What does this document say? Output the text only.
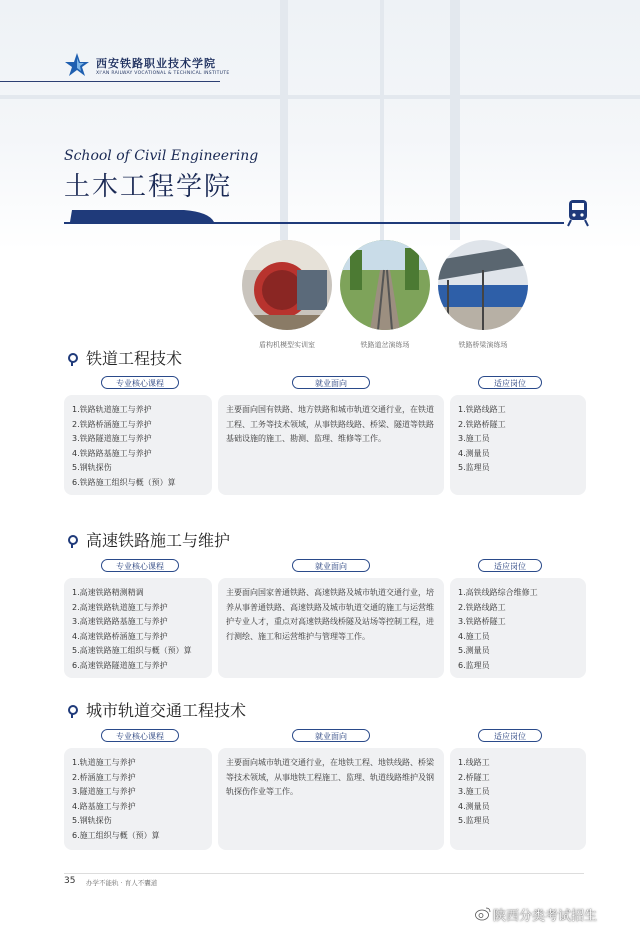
西安铁路职业技术学院
XI'AN RAILWAY VOCATIONAL & TECHNICAL INSTITUTE
School of Civil Engineering
土木工程学院
盾构机模型实训室	铁路道岔演练场	铁路桥梁演练场
铁道工程技术
专业核心课程	就业面向	适应岗位
1.铁路轨道施工与养护
2.铁路桥涵施工与养护
3.铁路隧道施工与养护
4.铁路路基施工与养护
5.钢轨探伤
6.铁路施工组织与概（预）算

主要面向国有铁路、地方铁路和城市轨道交通行业，在铁道工程、工务等技术领域，从事铁路线路、桥梁、隧道等铁路基础设施的施工、勘测、监理、维修等工作。

1.铁路线路工
2.铁路桥隧工
3.施工员
4.测量员
5.监理员
高速铁路施工与维护
专业核心课程	就业面向	适应岗位
1.高速铁路精测精调
2.高速铁路轨道施工与养护
3.高速铁路路基施工与养护
4.高速铁路桥涵施工与养护
5.高速铁路施工组织与概（预）算
6.高速铁路隧道施工与养护

主要面向国家普通铁路、高速铁路及城市轨道交通行业，培养从事普通铁路、高速铁路及城市轨道交通的施工与运营维护专业人才，重点对高速铁路线桥隧及站场等控制工程，进行测绘、施工和运营维护与管理等工作。

1.高铁线路综合维修工
2.铁路线路工
3.铁路桥隧工
4.施工员
5.测量员
6.监理员
城市轨道交通工程技术
专业核心课程	就业面向	适应岗位
1.轨道施工与养护
2.桥涵施工与养护
3.隧道施工与养护
4.路基施工与养护
5.钢轨探伤
6.施工组织与概（预）算

主要面向城市轨道交通行业，在地铁工程、地铁线路、桥梁等技术领域，从事地铁工程施工、监理、轨道线路维护及钢轨探伤作业等工作。

1.线路工
2.桥隧工
3.施工员
4.测量员
5.监理员
35 办学不能轨 · 育人不囊道
陕西分类考试招生
